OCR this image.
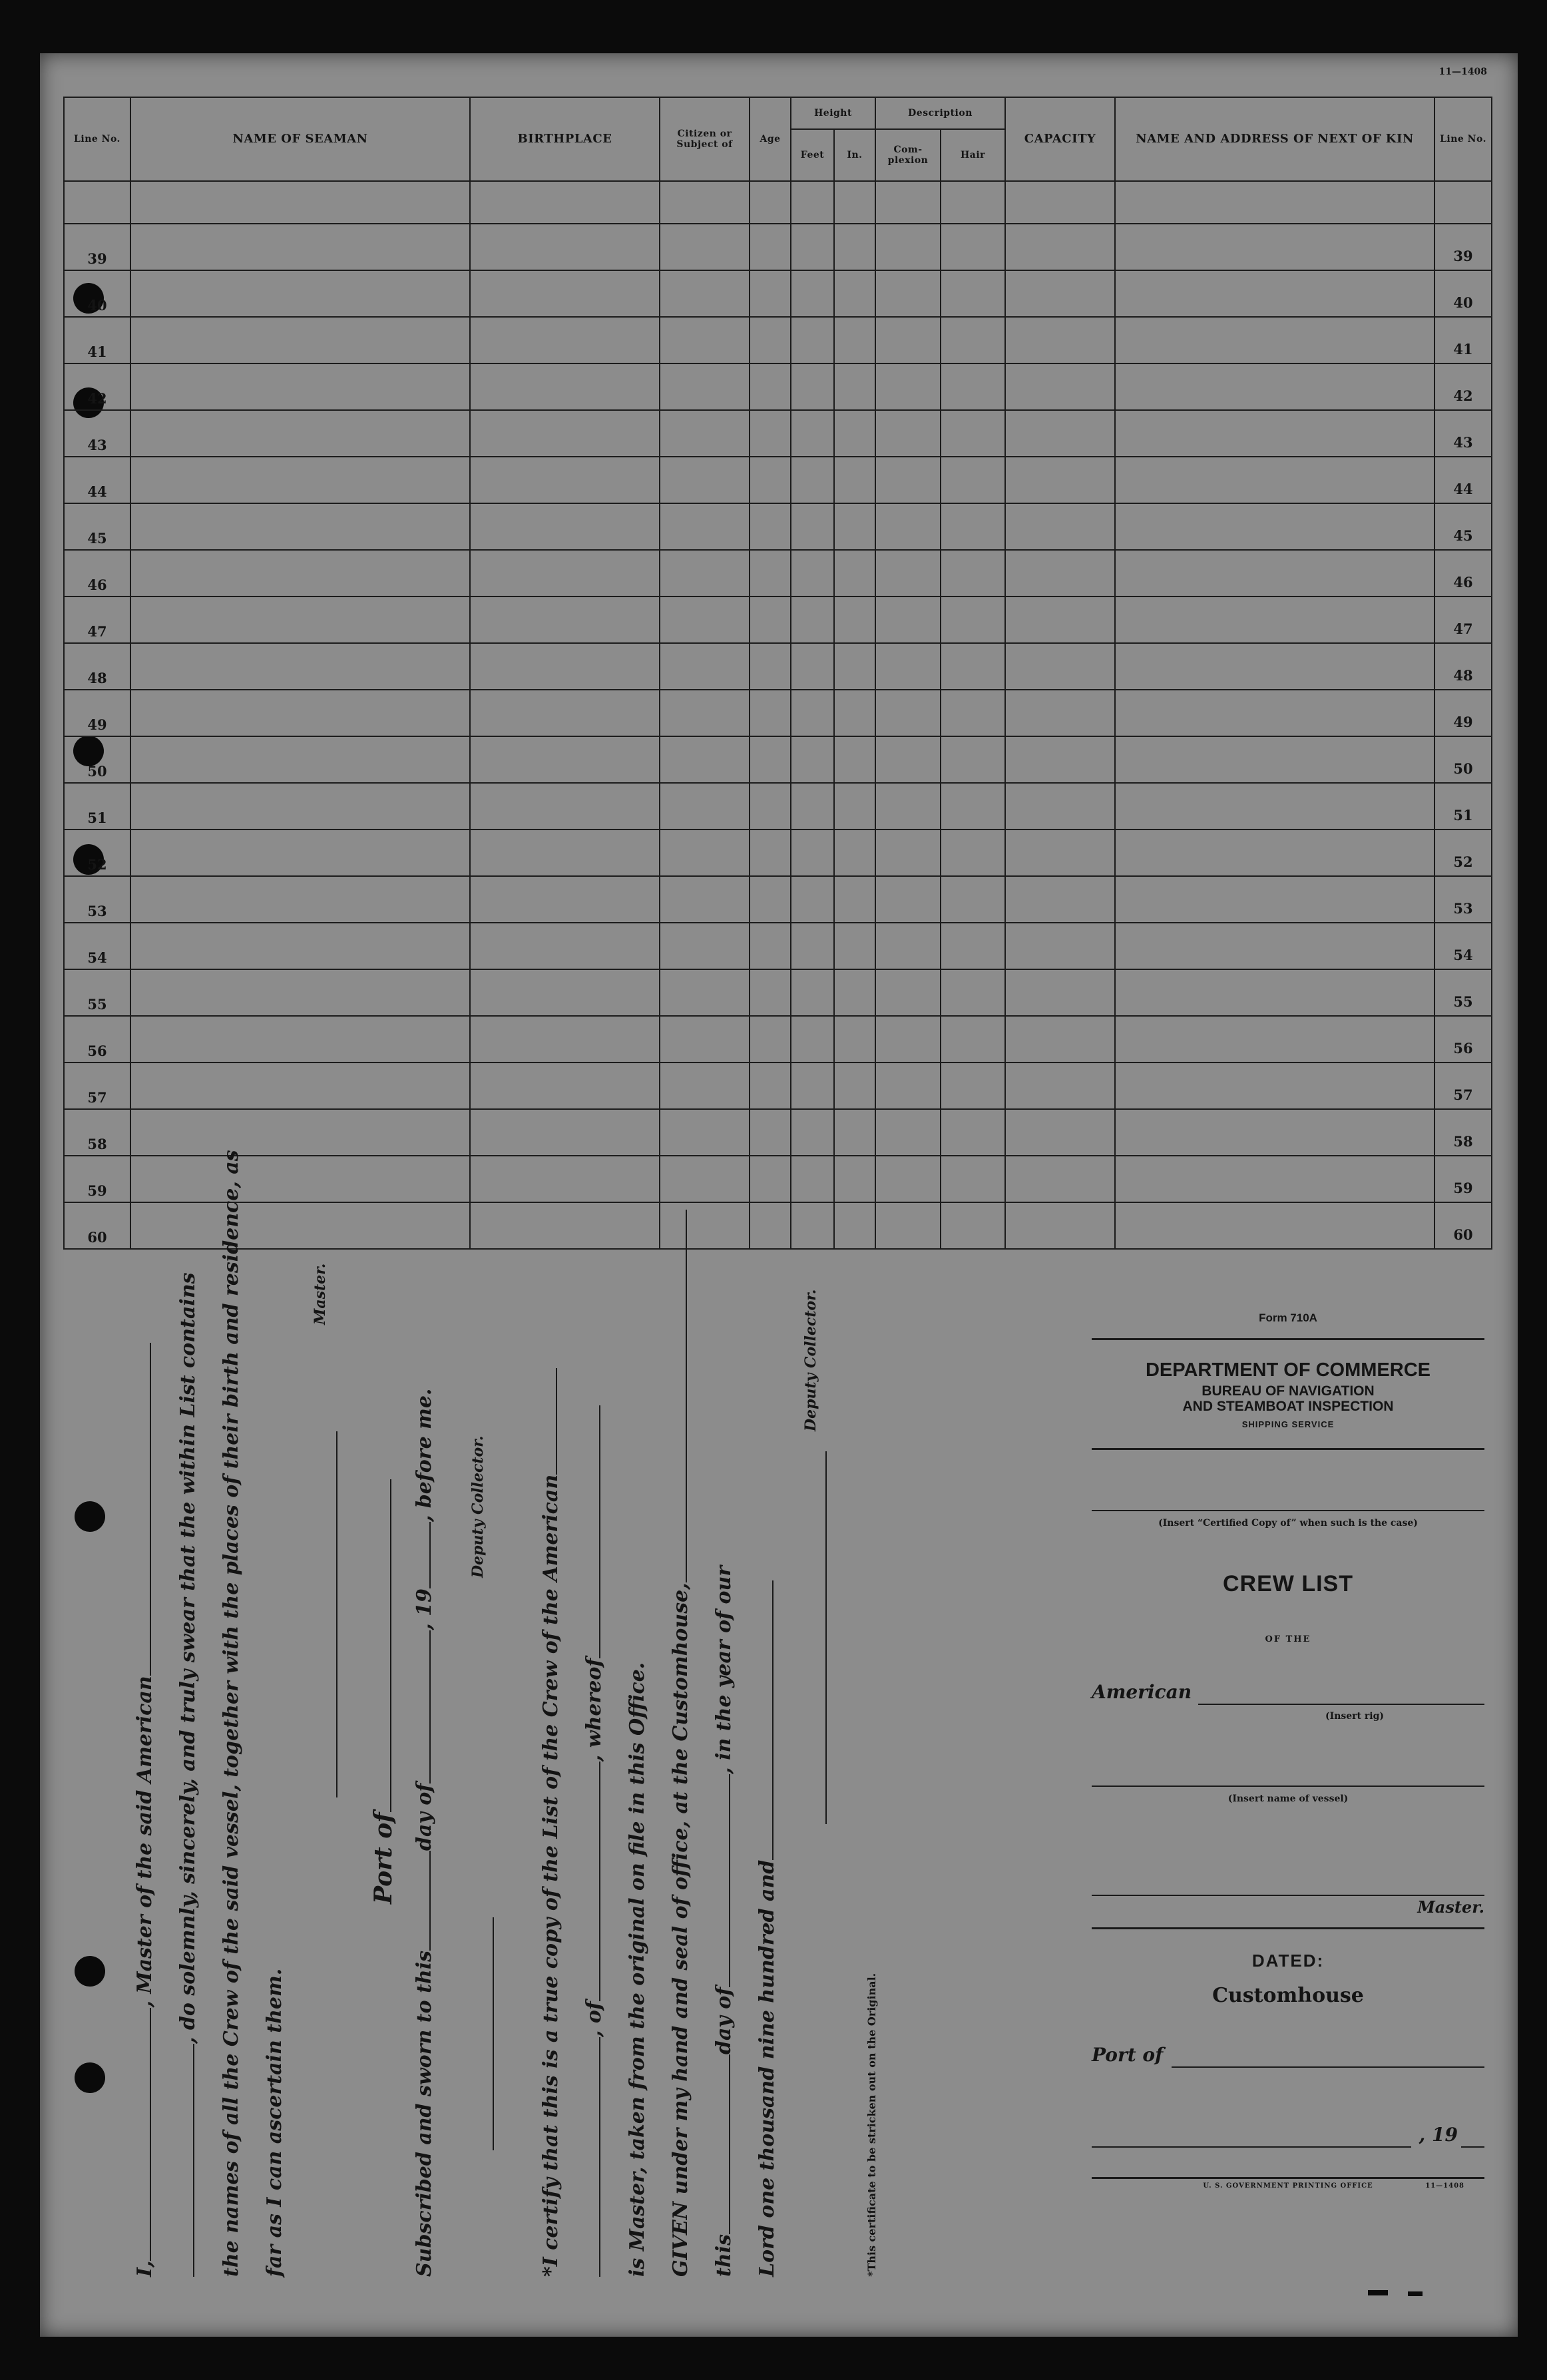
11—1408
Line No.	NAME OF SEAMAN	BIRTHPLACE	Citizen or Subject of	Age	Height		Description		CAPACITY	NAME AND ADDRESS OF NEXT OF KIN	Line No.
					Feet	In.	Com- plexion	Hair			

39											39
40											40
41											41
42											42
43											43
44											44
45											45
46											46
47											47
48											48
49											49
50											50
51											51
52											52
53											53
54											54
55											55
56											56
57											57
58											58
59											59
60											60
I,, Master of the said American , do solemnly, sincerely, and truly swear that the within List contains the names of all the Crew of the said vessel, together with the places of their birth and residence, as far as I can ascertain them.
Master.
Port of
Subscribed and sworn to thisday of, 19, before me. Deputy Collector.	*I certify that this is a true copy of the List of the Crew of the American , of, whereof is Master, taken from the original on file in this Office. GIVEN under my hand and seal of office, at the Customhouse, thisday of, in the year of our
Lord one thousand nine hundred and
Deputy Collector.
*This certificate to be stricken out on the Original.
Form 710A
DEPARTMENT OF COMMERCE
BUREAU OF NAVIGATION
AND STEAMBOAT INSPECTION
SHIPPING SERVICE
(Insert “Certified Copy of” when such is the case)
CREW LIST
OF THE
American
(Insert rig)
(Insert name of vessel)
Master.
DATED:
Customhouse
Port of
, 19
U. S. GOVERNMENT PRINTING OFFICE	11—1408
